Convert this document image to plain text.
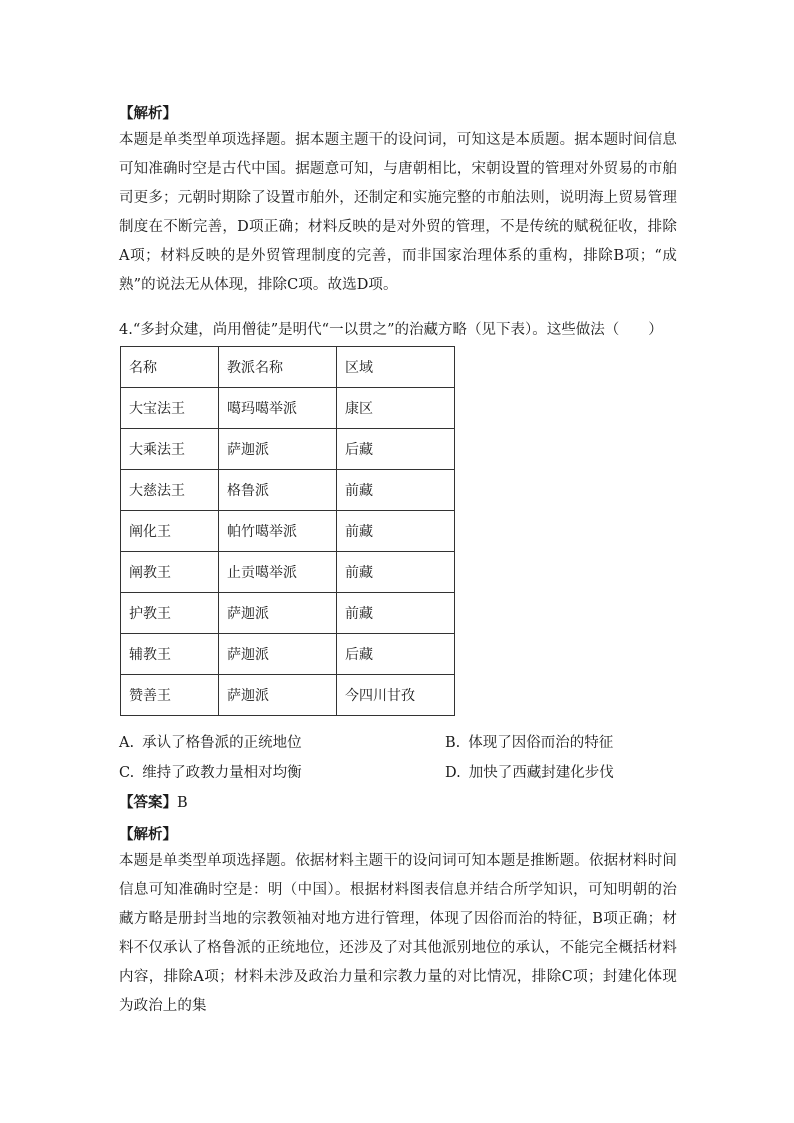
【解析】

本题是单类型单项选择题。据本题主题干的设问词，可知这是本质题。据本题时间信息可知准确时空是古代中国。据题意可知，与唐朝相比，宋朝设置的管理对外贸易的市舶司更多；元朝时期除了设置市舶外，还制定和实施完整的市舶法则，说明海上贸易管理制度在不断完善，D项正确；材料反映的是对外贸的管理，不是传统的赋税征收，排除A项；材料反映的是外贸管理制度的完善，而非国家治理体系的重构，排除B项；“成熟”的说法无从体现，排除C项。故选D项。

4.“多封众建，尚用僧徒”是明代“一以贯之”的治藏方略（见下表）。这些做法（　　）

名称	教派名称	区域
大宝法王	噶玛噶举派	康区
大乘法王	萨迦派	后藏
大慈法王	格鲁派	前藏
阐化王	帕竹噶举派	前藏
阐教王	止贡噶举派	前藏
护教王	萨迦派	前藏
辅教王	萨迦派	后藏
赞善王	萨迦派	今四川甘孜

A. 承认了格鲁派的正统地位	B. 体现了因俗而治的特征

C. 维持了政教力量相对均衡	D. 加快了西藏封建化步伐

【答案】B

【解析】

本题是单类型单项选择题。依据材料主题干的设问词可知本题是推断题。依据材料时间信息可知准确时空是：明（中国）。根据材料图表信息并结合所学知识，可知明朝的治藏方略是册封当地的宗教领袖对地方进行管理，体现了因俗而治的特征，B项正确；材料不仅承认了格鲁派的正统地位，还涉及了对其他派别地位的承认，不能完全概括材料内容，排除A项；材料未涉及政治力量和宗教力量的对比情况，排除C项；封建化体现为政治上的集
